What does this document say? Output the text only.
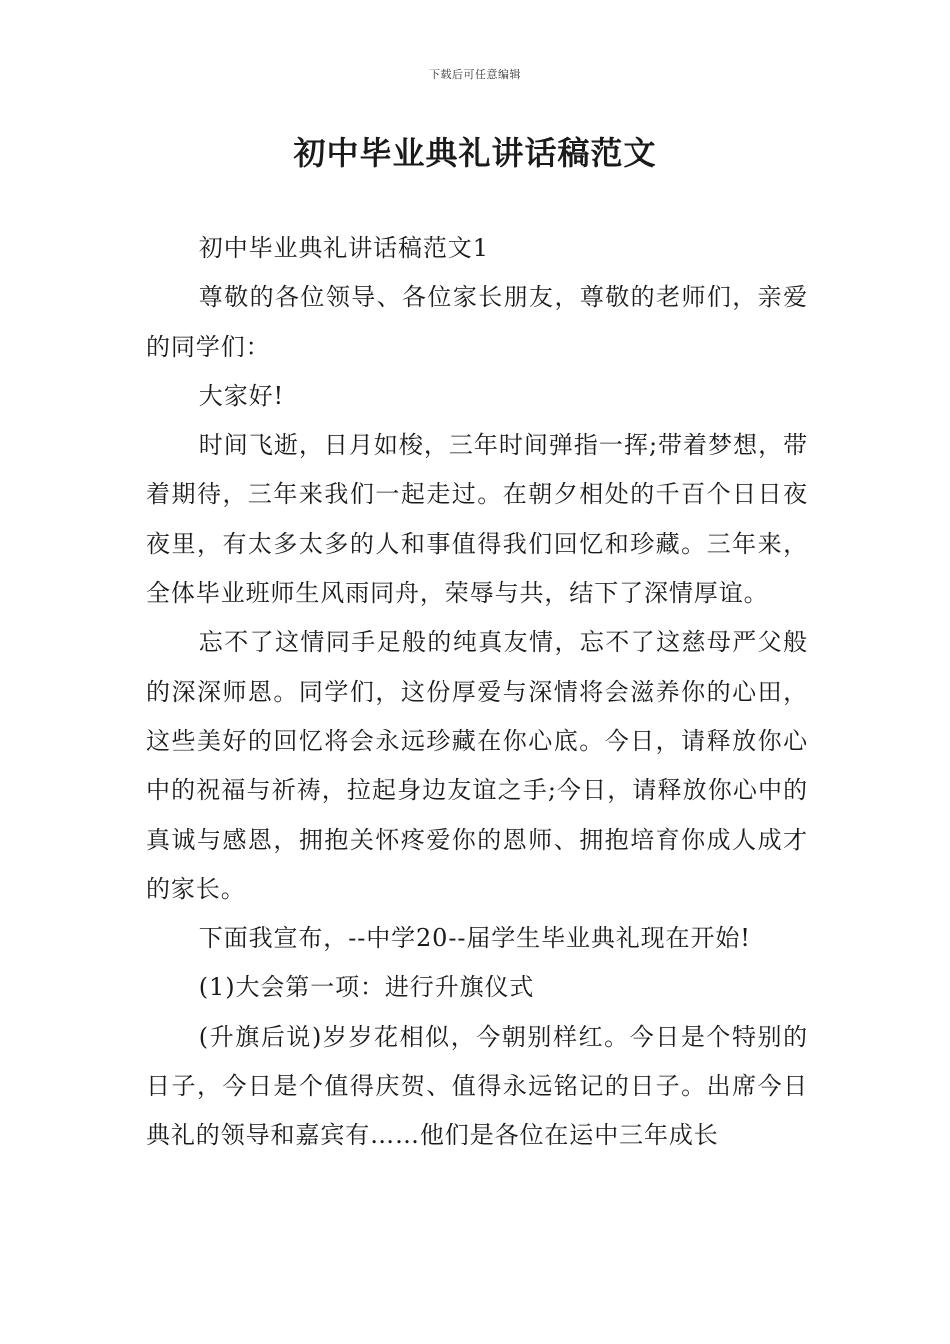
下载后可任意编辑
初中毕业典礼讲话稿范文

初中毕业典礼讲话稿范文1

尊敬的各位领导、各位家长朋友，尊敬的老师们，亲爱的同学们：

大家好!

时间飞逝，日月如梭，三年时间弹指一挥;带着梦想，带着期待，三年来我们一起走过。在朝夕相处的千百个日日夜夜里，有太多太多的人和事值得我们回忆和珍藏。三年来，全体毕业班师生风雨同舟，荣辱与共，结下了深情厚谊。

忘不了这情同手足般的纯真友情，忘不了这慈母严父般的深深师恩。同学们，这份厚爱与深情将会滋养你的心田，这些美好的回忆将会永远珍藏在你心底。今日，请释放你心中的祝福与祈祷，拉起身边友谊之手;今日，请释放你心中的真诚与感恩，拥抱关怀疼爱你的恩师、拥抱培育你成人成才的家长。

下面我宣布，--中学20--届学生毕业典礼现在开始!

(1)大会第一项：进行升旗仪式

(升旗后说)岁岁花相似，今朝别样红。今日是个特别的日子，今日是个值得庆贺、值得永远铭记的日子。出席今日典礼的领导和嘉宾有……他们是各位在运中三年成长
